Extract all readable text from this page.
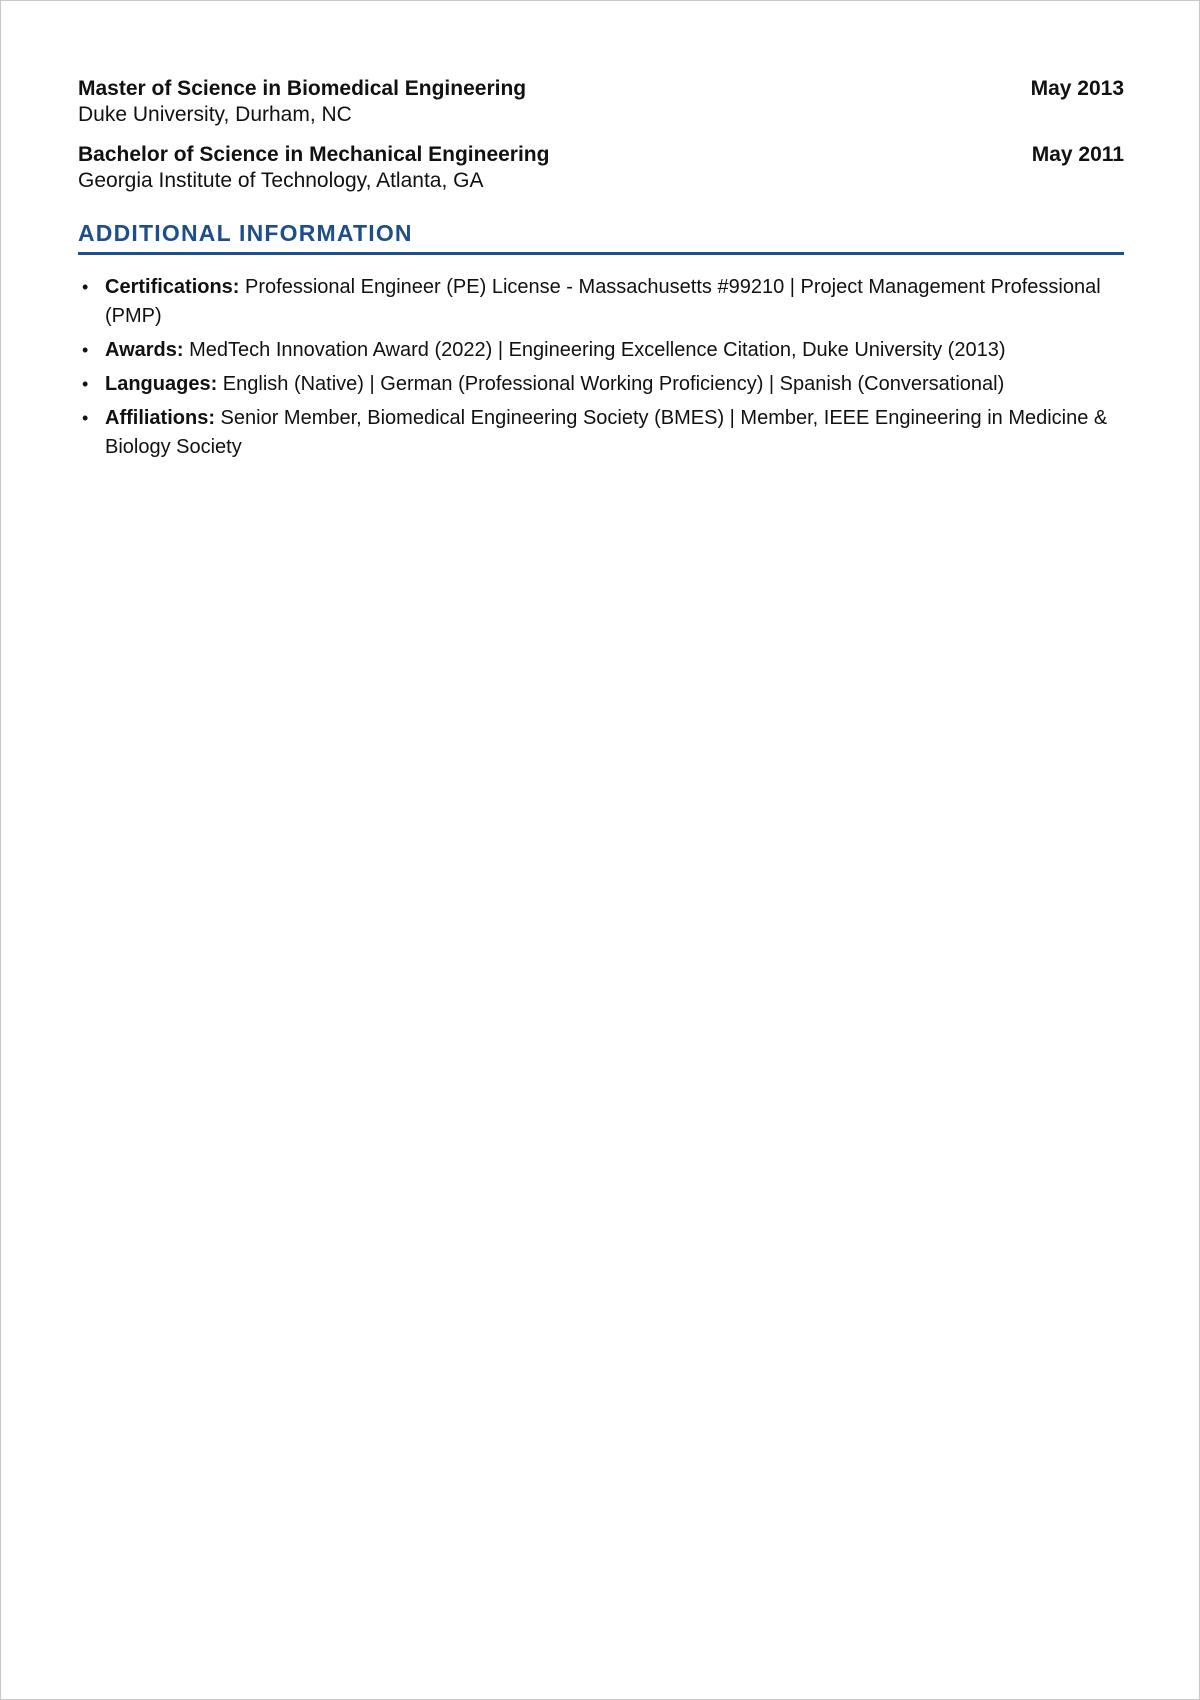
Master of Science in Biomedical Engineering	May 2013
Duke University, Durham, NC
Bachelor of Science in Mechanical Engineering	May 2011
Georgia Institute of Technology, Atlanta, GA
ADDITIONAL INFORMATION
• Certifications: Professional Engineer (PE) License - Massachusetts #99210 | Project Management Professional (PMP)
• Awards: MedTech Innovation Award (2022) | Engineering Excellence Citation, Duke University (2013)
• Languages: English (Native) | German (Professional Working Proficiency) | Spanish (Conversational)
• Affiliations: Senior Member, Biomedical Engineering Society (BMES) | Member, IEEE Engineering in Medicine & Biology Society
